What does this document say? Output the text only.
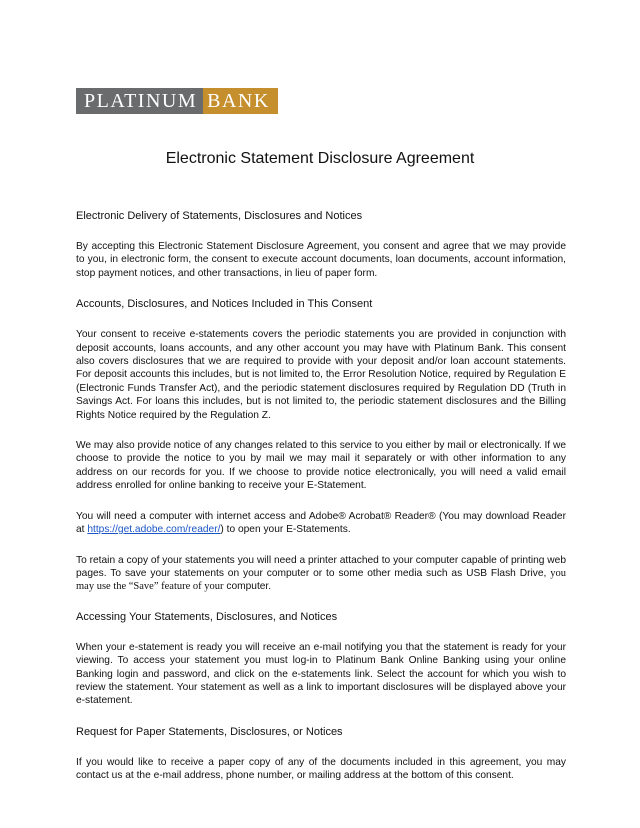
PLATINUM BANK
Electronic Statement Disclosure Agreement
Electronic Delivery of Statements, Disclosures and Notices

By accepting this Electronic Statement Disclosure Agreement, you consent and agree that we may provide to you, in electronic form, the consent to execute account documents, loan documents, account information, stop payment notices, and other transactions, in lieu of paper form.

Accounts, Disclosures, and Notices Included in This Consent

Your consent to receive e-statements covers the periodic statements you are provided in conjunction with deposit accounts, loans accounts, and any other account you may have with Platinum Bank. This consent also covers disclosures that we are required to provide with your deposit and/or loan account statements. For deposit accounts this includes, but is not limited to, the Error Resolution Notice, required by Regulation E (Electronic Funds Transfer Act), and the periodic statement disclosures required by Regulation DD (Truth in Savings Act. For loans this includes, but is not limited to, the periodic statement disclosures and the Billing Rights Notice required by the Regulation Z.

We may also provide notice of any changes related to this service to you either by mail or electronically. If we choose to provide the notice to you by mail we may mail it separately or with other information to any address on our records for you. If we choose to provide notice electronically, you will need a valid email address enrolled for online banking to receive your E-Statement.

You will need a computer with internet access and Adobe® Acrobat® Reader® (You may download Reader at https://get.adobe.com/reader/) to open your E-Statements.

To retain a copy of your statements you will need a printer attached to your computer capable of printing web pages. To save your statements on your computer or to some other media such as USB Flash Drive, you may use the “Save” feature of your computer.

Accessing Your Statements, Disclosures, and Notices

When your e-statement is ready you will receive an e-mail notifying you that the statement is ready for your viewing. To access your statement you must log-in to Platinum Bank Online Banking using your online Banking login and password, and click on the e-statements link. Select the account for which you wish to review the statement. Your statement as well as a link to important disclosures will be displayed above your e-statement.

Request for Paper Statements, Disclosures, or Notices

If you would like to receive a paper copy of any of the documents included in this agreement, you may contact us at the e-mail address, phone number, or mailing address at the bottom of this consent.
